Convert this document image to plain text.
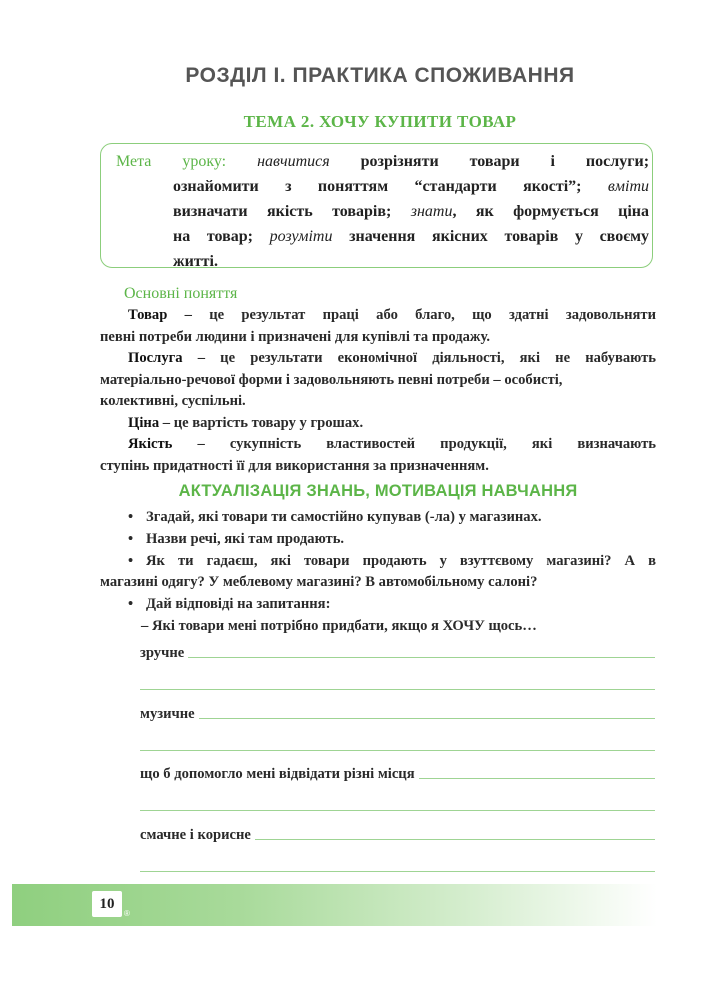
РОЗДІЛ І. ПРАКТИКА СПОЖИВАННЯ
ТЕМА 2. ХОЧУ КУПИТИ ТОВАР
Мета уроку: навчитися розрізняти товари і послуги;
ознайомити з поняттям “стандарти якості”; вміти
визначати якість товарів; знати, як формується ціна
на товар; розуміти значення якісних товарів у своєму
житті.
Основні поняття

Товар – це результат праці або благо, що здатні задовольняти
певні потреби людини і призначені для купівлі та продажу.

Послуга – це результати економічної діяльності, які не набувають
матеріально-речової форми і задовольняють певні потреби – особисті,
колективні, суспільні.

Ціна – це вартість товару у грошах.

Якість – сукупність властивостей продукції, які визначають
ступінь придатності її для використання за призначенням.

АКТУАЛІЗАЦІЯ ЗНАНЬ, МОТИВАЦІЯ НАВЧАННЯ
• Згадай, які товари ти самостійно купував (-ла) у магазинах.
• Назви речі, які там продають.
• Як ти гадаєш, які товари продають у взуттєвому магазині? А в
магазині одягу? У меблевому магазині? В автомобільному салоні?
• Дай відповіді на запитання:
– Які товари мені потрібно придбати, якщо я ХОЧУ щось…
зручне
музичне
що б допомогло мені відвідати різні місця
смачне і корисне
10
®
